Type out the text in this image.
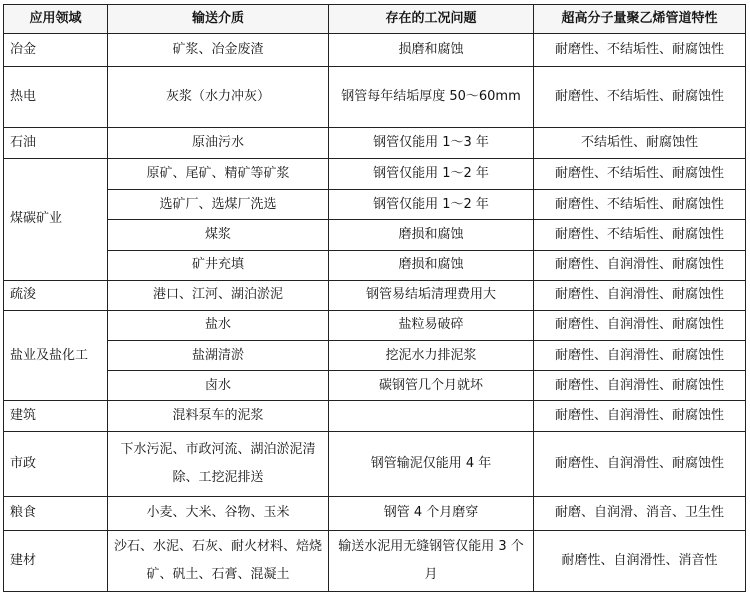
应用领域	输送介质	存在的工况问题	超高分子量聚乙烯管道特性
冶金	矿浆、冶金废渣	损磨和腐蚀	耐磨性、不结垢性、耐腐蚀性
热电	灰浆（水力冲灰）	钢管每年结垢厚度 50～60mm	耐磨性、不结垢性、耐腐蚀性
石油	原油污水	钢管仅能用 1～3 年	不结垢性、耐腐蚀性
煤碳矿业	原矿、尾矿、精矿等矿浆	钢管仅能用 1～2 年	耐磨性、不结垢性、耐腐蚀性
	选矿厂、选煤厂洗选	钢管仅能用 1～2 年	耐磨性、不结垢性、耐腐蚀性
	煤浆	磨损和腐蚀	耐磨性、不结垢性、耐腐蚀性
	矿井充填	磨损和腐蚀	耐磨性、自润滑性、耐腐蚀性
疏浚	港口、江河、湖泊淤泥	钢管易结垢清理费用大	耐磨性、自润滑性、耐腐蚀性
盐业及盐化工	盐水	盐粒易破碎	耐磨性、自润滑性、耐腐蚀性
	盐湖清淤	挖泥水力排泥浆	耐磨性、自润滑性、耐腐蚀性
	卤水	碳钢管几个月就坏	耐磨性、自润滑性、耐腐蚀性
建筑	混料泵车的泥浆		耐磨性、自润滑性、耐腐蚀性
市政	下水污泥、市政河流、湖泊淤泥清除、工挖泥排送	钢管输泥仅能用 4 年	耐磨性、自润滑性、耐腐蚀性
粮食	小麦、大米、谷物、玉米	钢管 4 个月磨穿	耐磨、自润滑、消音、卫生性
建材	沙石、水泥、石灰、耐火材料、焙烧矿、矾土、石膏、混凝土	输送水泥用无缝钢管仅能用 3 个月	耐磨性、自润滑性、消音性
